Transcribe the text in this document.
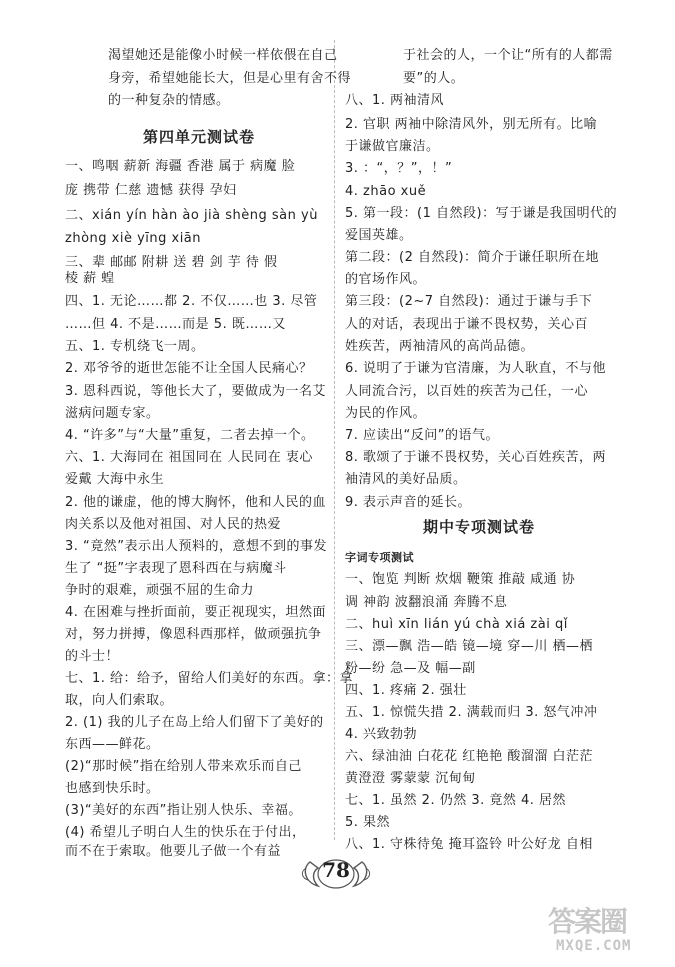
渴望她还是能像小时候一样依偎在自己
身旁，希望她能长大，但是心里有舍不得
的一种复杂的情感。
第四单元测试卷
一、鸣咽 薪新 海疆 香港 属于 病魔 脸
庞 携带 仁慈 遗憾 获得 孕妇
二、xián yín hàn ào jià shèng sàn yù
zhòng xiè yīng xiān
三、辈 邮邮 附耕 送 碧 剑 芋 待 假
棱 薪 蝗
四、1. 无论……都 2. 不仅……也 3. 尽管
……但 4. 不是……而是 5. 既……又
五、1. 专机绕飞一周。
2. 邓爷爷的逝世怎能不让全国人民痛心？
3. 恩科西说，等他长大了，要做成为一名艾
滋病问题专家。
4. “许多”与“大量”重复，二者去掉一个。
六、1. 大海同在 祖国同在 人民同在 衷心
爱戴 大海中永生
2. 他的谦虚，他的博大胸怀，他和人民的血
肉关系以及他对祖国、对人民的热爱
3. “竟然”表示出人预料的，意想不到的事发
生了 “挺”字表现了恩科西在与病魔斗
争时的艰难，顽强不屈的生命力
4. 在困难与挫折面前，要正视现实，坦然面
对，努力拼搏，像恩科西那样，做顽强抗争
的斗士！
七、1. 给：给予，留给人们美好的东西。拿：拿
取，向人们索取。
2. (1) 我的儿子在岛上给人们留下了美好的
东西——鲜花。
(2)“那时候”指在给别人带来欢乐而自己
也感到快乐时。
(3)“美好的东西”指让别人快乐、幸福。
(4) 希望儿子明白人生的快乐在于付出，
而不在于索取。他要儿子做一个有益
于社会的人，一个让“所有的人都需
要”的人。
八、1. 两袖清风
2. 官职 两袖中除清风外，别无所有。比喻
于谦做官廉洁。
3. ：“，？”，！”
4. zhāo xuě
5. 第一段：(1 自然段)：写于谦是我国明代的
爱国英雄。
第二段：(2 自然段)：简介于谦任职所在地
的官场作风。
第三段：(2~7 自然段)：通过于谦与手下
人的对话，表现出于谦不畏权势，关心百
姓疾苦，两袖清风的高尚品德。
6. 说明了于谦为官清廉，为人耿直，不与他
人同流合污，以百姓的疾苦为己任，一心
为民的作风。
7. 应读出“反问”的语气。
8. 歌颂了于谦不畏权势，关心百姓疾苦，两
袖清风的美好品质。
9. 表示声音的延长。
期中专项测试卷
字词专项测试
一、饱览 判断 炊烟 鞭策 推敲 咸通 协
调 神韵 波翻浪涌 奔腾不息
二、huì xīn lián yú chà xiá zài qǐ
三、漂—飘 浩—皓 镜—境 穿—川 栖—栖
粉—纷 急—及 幅—副
四、1. 疼痛 2. 强壮
五、1. 惊慌失措 2. 满载而归 3. 怒气冲冲
4. 兴致勃勃
六、绿油油 白花花 红艳艳 酸溜溜 白茫茫
黄澄澄 雾蒙蒙 沉甸甸
七、1. 虽然 2. 仍然 3. 竟然 4. 居然
5. 果然
八、1. 守株待兔 掩耳盗铃 叶公好龙 自相
78
答案圈
MXQE.COM
